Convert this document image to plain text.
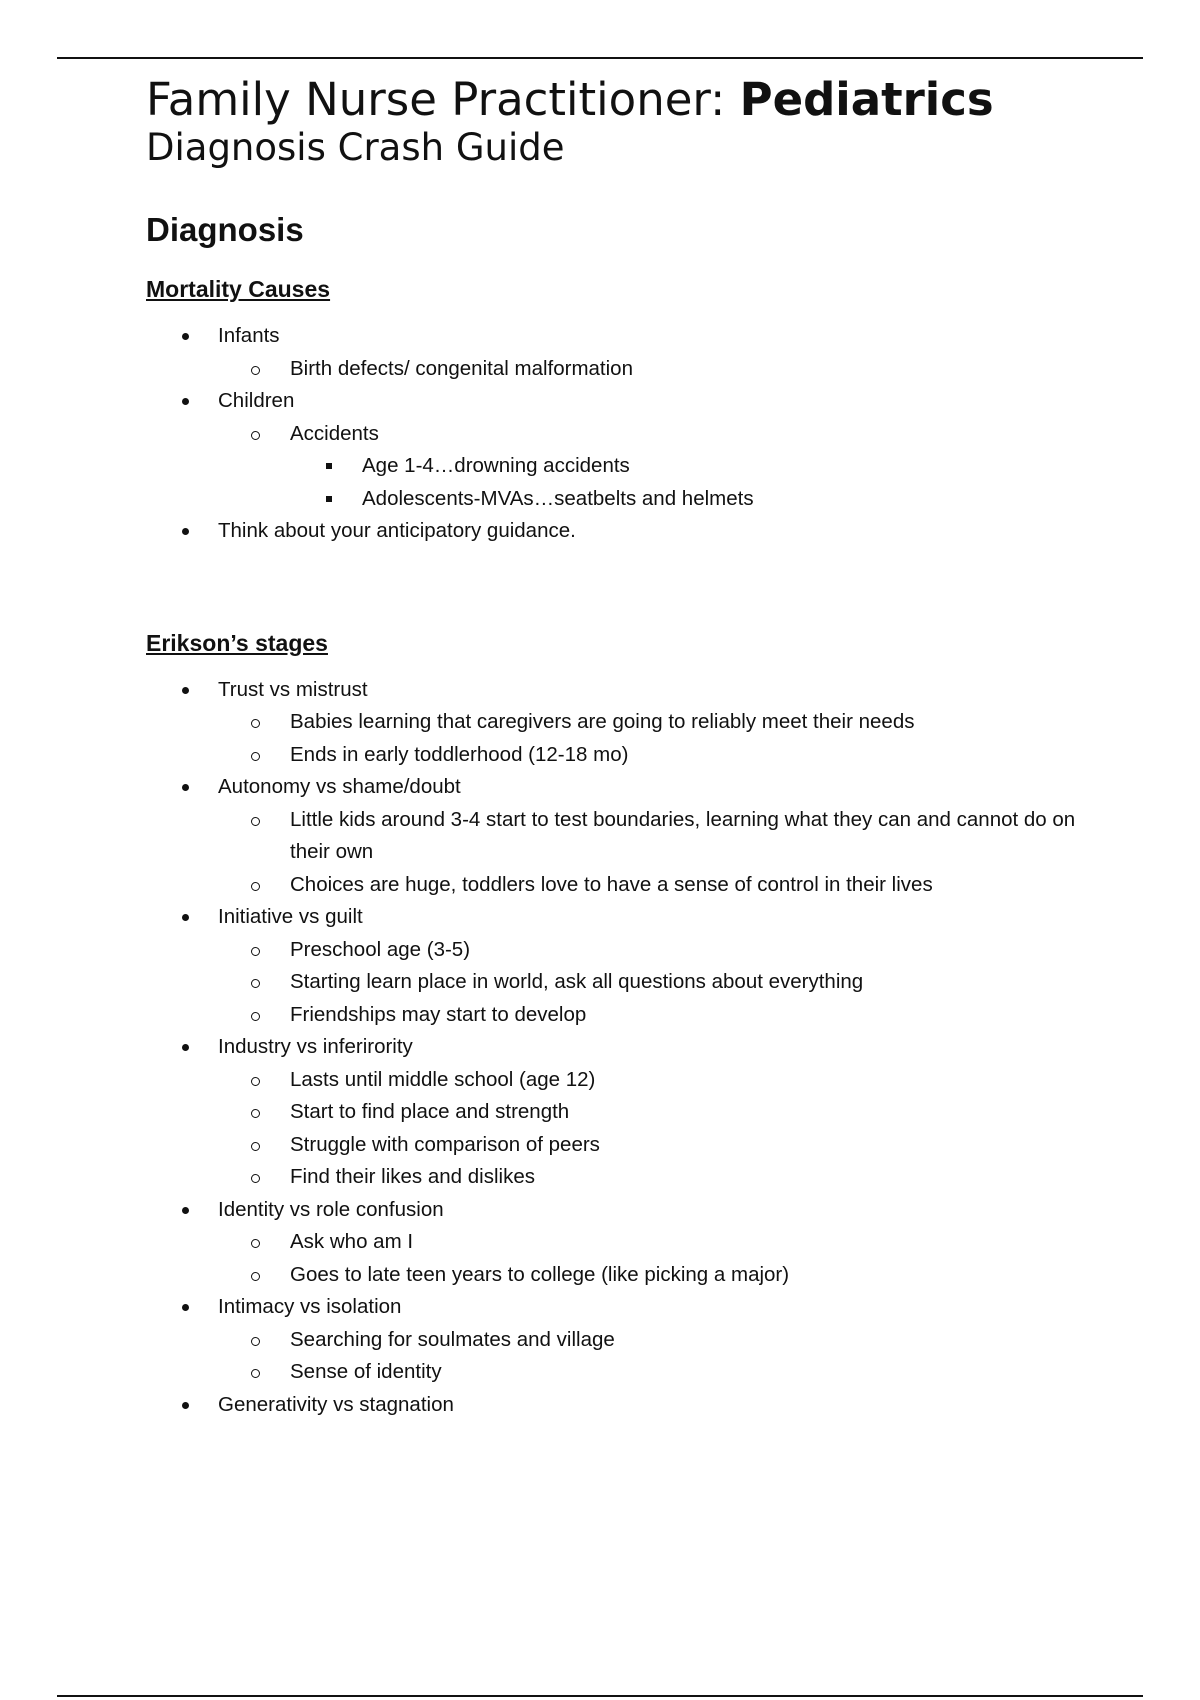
Family Nurse Practitioner: Pediatrics

Diagnosis Crash Guide

Diagnosis
Mortality Causes
Infants
Birth defects/ congenital malformation
Children
Accidents
Age 1-4…drowning accidents
Adolescents-MVAs…seatbelts and helmets
Think about your anticipatory guidance.
Erikson’s stages
Trust vs mistrust
Babies learning that caregivers are going to reliably meet their needs
Ends in early toddlerhood (12-18 mo)
Autonomy vs shame/doubt
Little kids around 3-4 start to test boundaries, learning what they can and cannot do on their own
Choices are huge, toddlers love to have a sense of control in their lives
Initiative vs guilt
Preschool age (3-5)
Starting learn place in world, ask all questions about everything
Friendships may start to develop
Industry vs inferirority
Lasts until middle school (age 12)
Start to find place and strength
Struggle with comparison of peers
Find their likes and dislikes
Identity vs role confusion
Ask who am I
Goes to late teen years to college (like picking a major)
Intimacy vs isolation
Searching for soulmates and village
Sense of identity
Generativity vs stagnation
